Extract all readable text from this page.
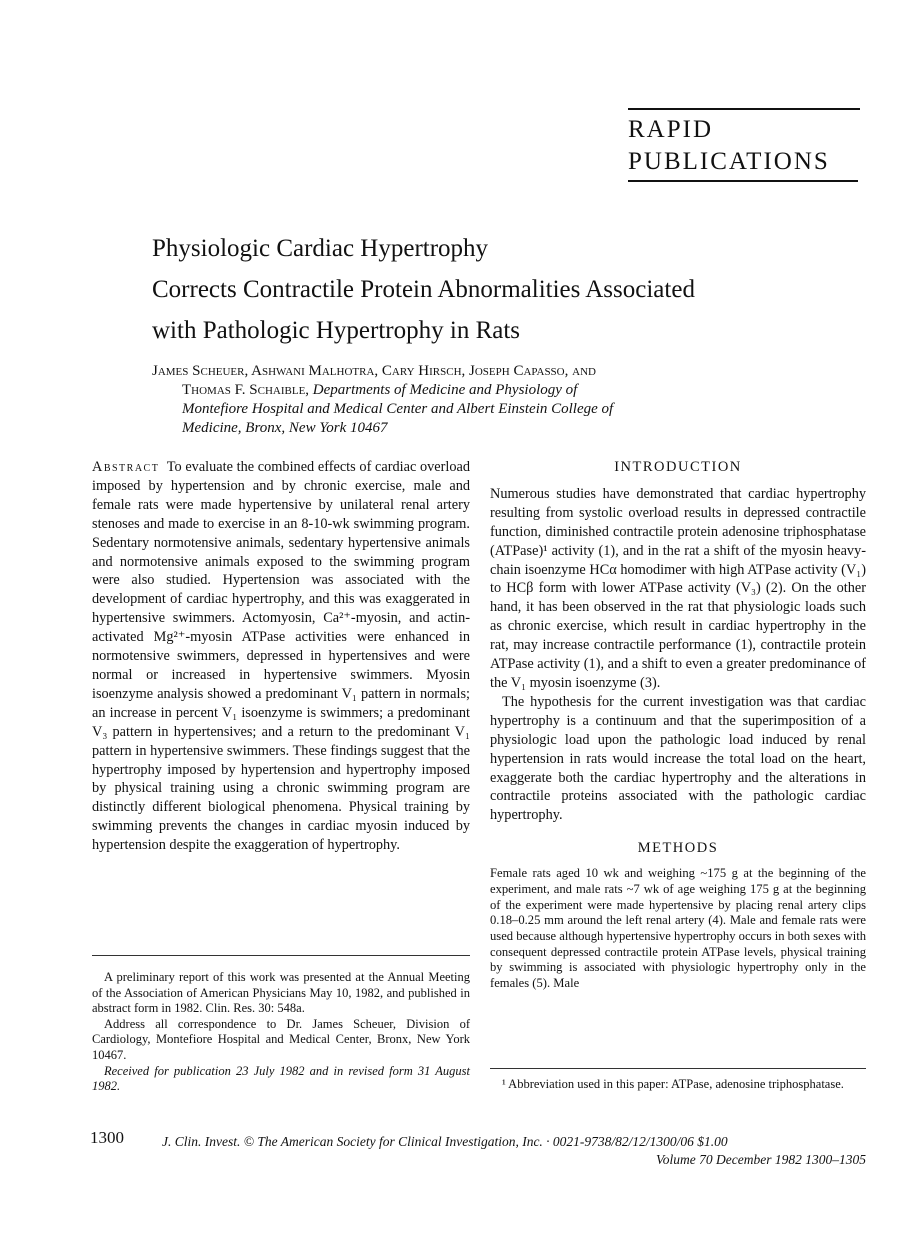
RAPID
PUBLICATIONS
Physiologic Cardiac Hypertrophy
Corrects Contractile Protein Abnormalities Associated
with Pathologic Hypertrophy in Rats
James Scheuer, Ashwani Malhotra, Cary Hirsch, Joseph Capasso, and
Thomas F. Schaible, Departments of Medicine and Physiology of
Montefiore Hospital and Medical Center and Albert Einstein College of
Medicine, Bronx, New York 10467

Abstract To evaluate the combined effects of cardiac overload imposed by hypertension and by chronic exercise, male and female rats were made hypertensive by unilateral renal artery stenoses and made to exercise in an 8-10-wk swimming program. Sedentary normotensive animals, sedentary hypertensive animals and normotensive animals exposed to the swimming program were also studied. Hypertension was associated with the development of cardiac hypertrophy, and this was exaggerated in hypertensive swimmers. Actomyosin, Ca²⁺-myosin, and actin-activated Mg²⁺-myosin ATPase activities were enhanced in normotensive swimmers, depressed in hypertensives and were normal or increased in hypertensive swimmers. Myosin isoenzyme analysis showed a predominant V₁ pattern in normals; an increase in percent V₁ isoenzyme is swimmers; a predominant V₃ pattern in hypertensives; and a return to the predominant V₁ pattern in hypertensive swimmers. These findings suggest that the hypertrophy imposed by hypertension and hypertrophy imposed by physical training using a chronic swimming program are distinctly different biological phenomena. Physical training by swimming prevents the changes in cardiac myosin induced by hypertension despite the exaggeration of hypertrophy.

A preliminary report of this work was presented at the Annual Meeting of the Association of American Physicians May 10, 1982, and published in abstract form in 1982. Clin. Res. 30: 548a.

Address all correspondence to Dr. James Scheuer, Division of Cardiology, Montefiore Hospital and Medical Center, Bronx, New York 10467.

Received for publication 23 July 1982 and in revised form 31 August 1982.

INTRODUCTION

Numerous studies have demonstrated that cardiac hypertrophy resulting from systolic overload results in depressed contractile function, diminished contractile protein adenosine triphosphatase (ATPase)¹ activity (1), and in the rat a shift of the myosin heavy-chain isoenzyme HCα homodimer with high ATPase activity (V₁) to HCβ form with lower ATPase activity (V₃) (2). On the other hand, it has been observed in the rat that physiologic loads such as chronic exercise, which result in cardiac hypertrophy in the rat, may increase contractile performance (1), contractile protein ATPase activity (1), and a shift to even a greater predominance of the V₁ myosin isoenzyme (3).

The hypothesis for the current investigation was that cardiac hypertrophy is a continuum and that the superimposition of a physiologic load upon the pathologic load induced by renal hypertension in rats would increase the total load on the heart, exaggerate both the cardiac hypertrophy and the alterations in contractile proteins associated with the pathologic cardiac hypertrophy.

METHODS

Female rats aged 10 wk and weighing ~175 g at the beginning of the experiment, and male rats ~7 wk of age weighing 175 g at the beginning of the experiment were made hypertensive by placing renal artery clips 0.18–0.25 mm around the left renal artery (4). Male and female rats were used because although hypertensive hypertrophy occurs in both sexes with consequent depressed contractile protein ATPase levels, physical training by swimming is associated with physiologic hypertrophy only in the females (5). Male

¹ Abbreviation used in this paper: ATPase, adenosine triphosphatase.

1300	J. Clin. Invest. © The American Society for Clinical Investigation, Inc. · 0021-9738/82/12/1300/06 $1.00
Volume 70 December 1982 1300–1305
